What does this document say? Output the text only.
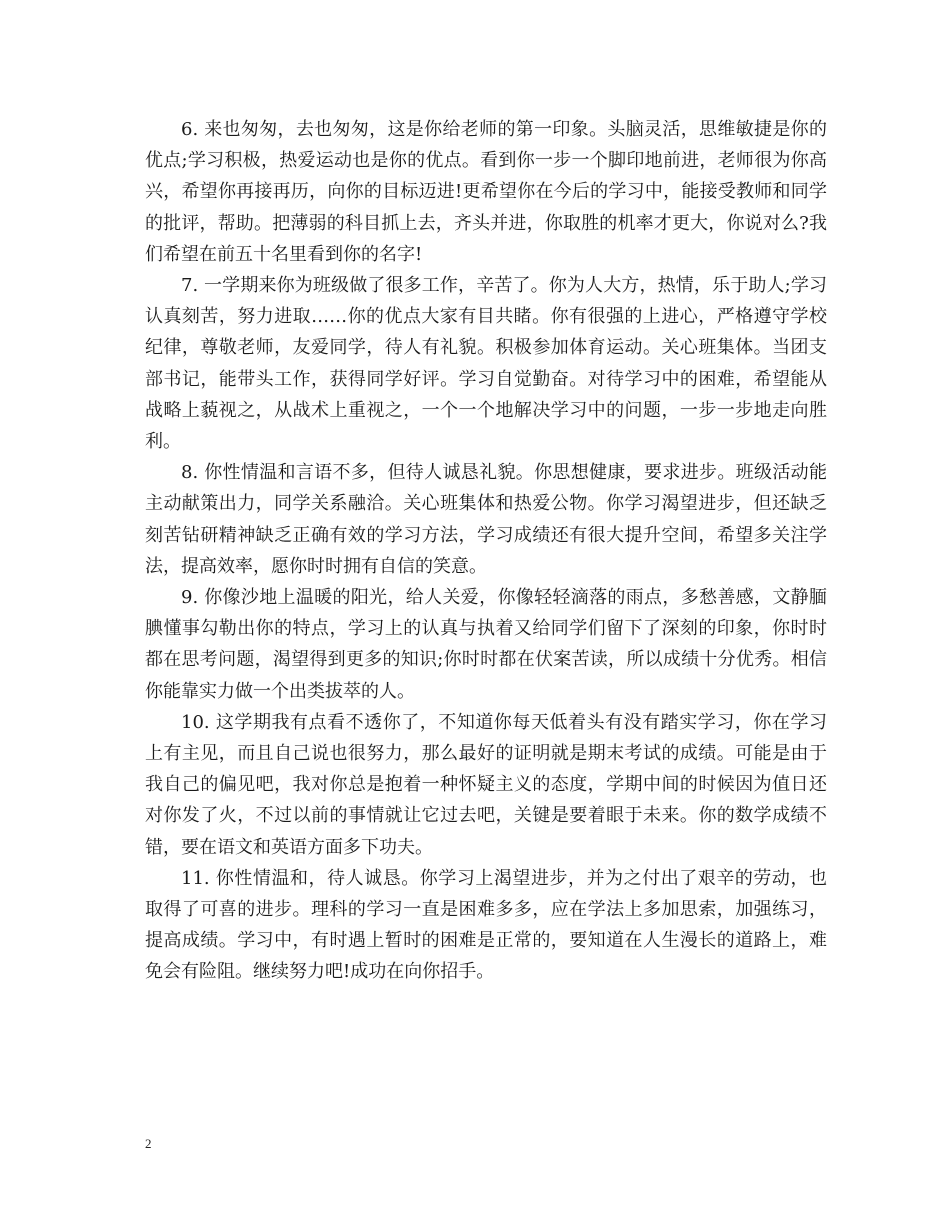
6. 来也匆匆，去也匆匆，这是你给老师的第一印象。头脑灵活，思维敏捷是你的优点;学习积极，热爱运动也是你的优点。看到你一步一个脚印地前进，老师很为你高兴，希望你再接再历，向你的目标迈进!更希望你在今后的学习中，能接受教师和同学的批评，帮助。把薄弱的科目抓上去，齐头并进，你取胜的机率才更大，你说对么?我们希望在前五十名里看到你的名字!

7. 一学期来你为班级做了很多工作，辛苦了。你为人大方，热情，乐于助人;学习认真刻苦，努力进取……你的优点大家有目共睹。你有很强的上进心，严格遵守学校纪律，尊敬老师，友爱同学，待人有礼貌。积极参加体育运动。关心班集体。当团支部书记，能带头工作，获得同学好评。学习自觉勤奋。对待学习中的困难，希望能从战略上藐视之，从战术上重视之，一个一个地解决学习中的问题，一步一步地走向胜利。

8. 你性情温和言语不多，但待人诚恳礼貌。你思想健康，要求进步。班级活动能主动献策出力，同学关系融洽。关心班集体和热爱公物。你学习渴望进步，但还缺乏刻苦钻研精神缺乏正确有效的学习方法，学习成绩还有很大提升空间，希望多关注学法，提高效率，愿你时时拥有自信的笑意。

9. 你像沙地上温暖的阳光，给人关爱，你像轻轻滴落的雨点，多愁善感，文静腼腆懂事勾勒出你的特点，学习上的认真与执着又给同学们留下了深刻的印象，你时时都在思考问题，渴望得到更多的知识;你时时都在伏案苦读，所以成绩十分优秀。相信你能靠实力做一个出类拔萃的人。

10. 这学期我有点看不透你了，不知道你每天低着头有没有踏实学习，你在学习上有主见，而且自己说也很努力，那么最好的证明就是期末考试的成绩。可能是由于我自己的偏见吧，我对你总是抱着一种怀疑主义的态度，学期中间的时候因为值日还对你发了火，不过以前的事情就让它过去吧，关键是要着眼于未来。你的数学成绩不错，要在语文和英语方面多下功夫。

11. 你性情温和，待人诚恳。你学习上渴望进步，并为之付出了艰辛的劳动，也取得了可喜的进步。理科的学习一直是困难多多，应在学法上多加思索，加强练习，提高成绩。学习中，有时遇上暂时的困难是正常的，要知道在人生漫长的道路上，难免会有险阻。继续努力吧!成功在向你招手。

2
